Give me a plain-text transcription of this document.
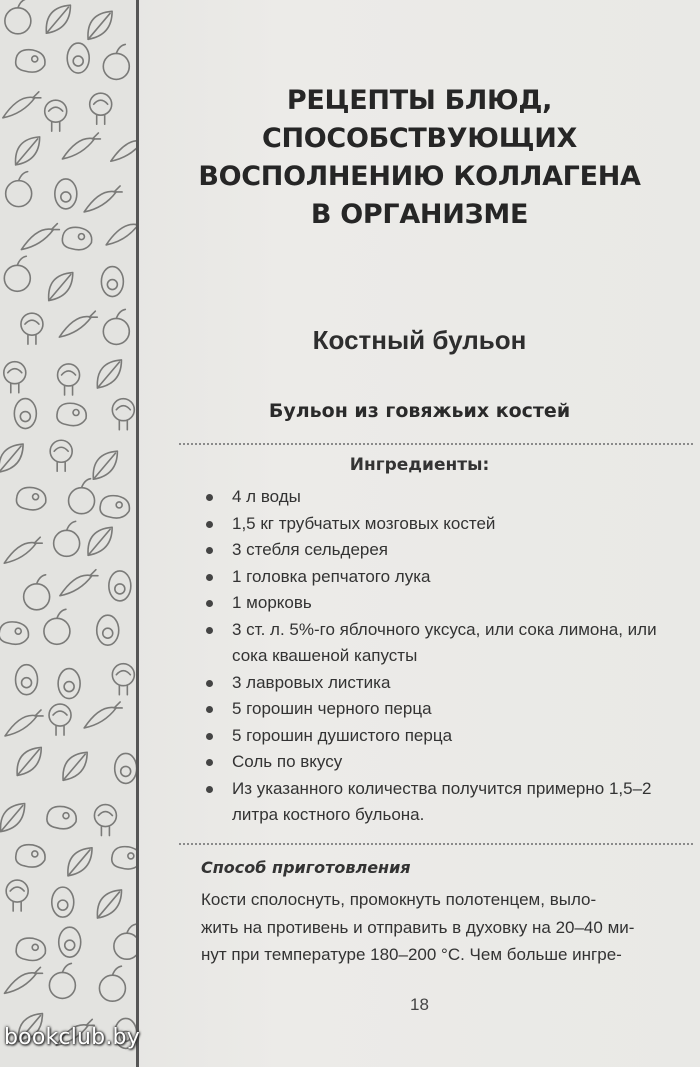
РЕЦЕПТЫ БЛЮД,
СПОСОБСТВУЮЩИХ
ВОСПОЛНЕНИЮ КОЛЛАГЕНА
В ОРГАНИЗМЕ
Костный бульон
Бульон из говяжьих костей
Ингредиенты:
4 л воды
1,5 кг трубчатых мозговых костей
3 стебля сельдерея
1 головка репчатого лука
1 морковь
3 ст. л. 5%-го яблочного уксуса, или сока лимона, или сока квашеной капусты
3 лавровых листика
5 горошин черного перца
5 горошин душистого перца
Соль по вкусу
Из указанного количества получится примерно 1,5–2 литра костного бульона.
Способ приготовления

Кости сполоснуть, промокнуть полотенцем, выло-
жить на противень и отправить в духовку на 20–40 ми-
нут при температуре 180–200 °С. Чем больше ингре-

18
bookclub.by
